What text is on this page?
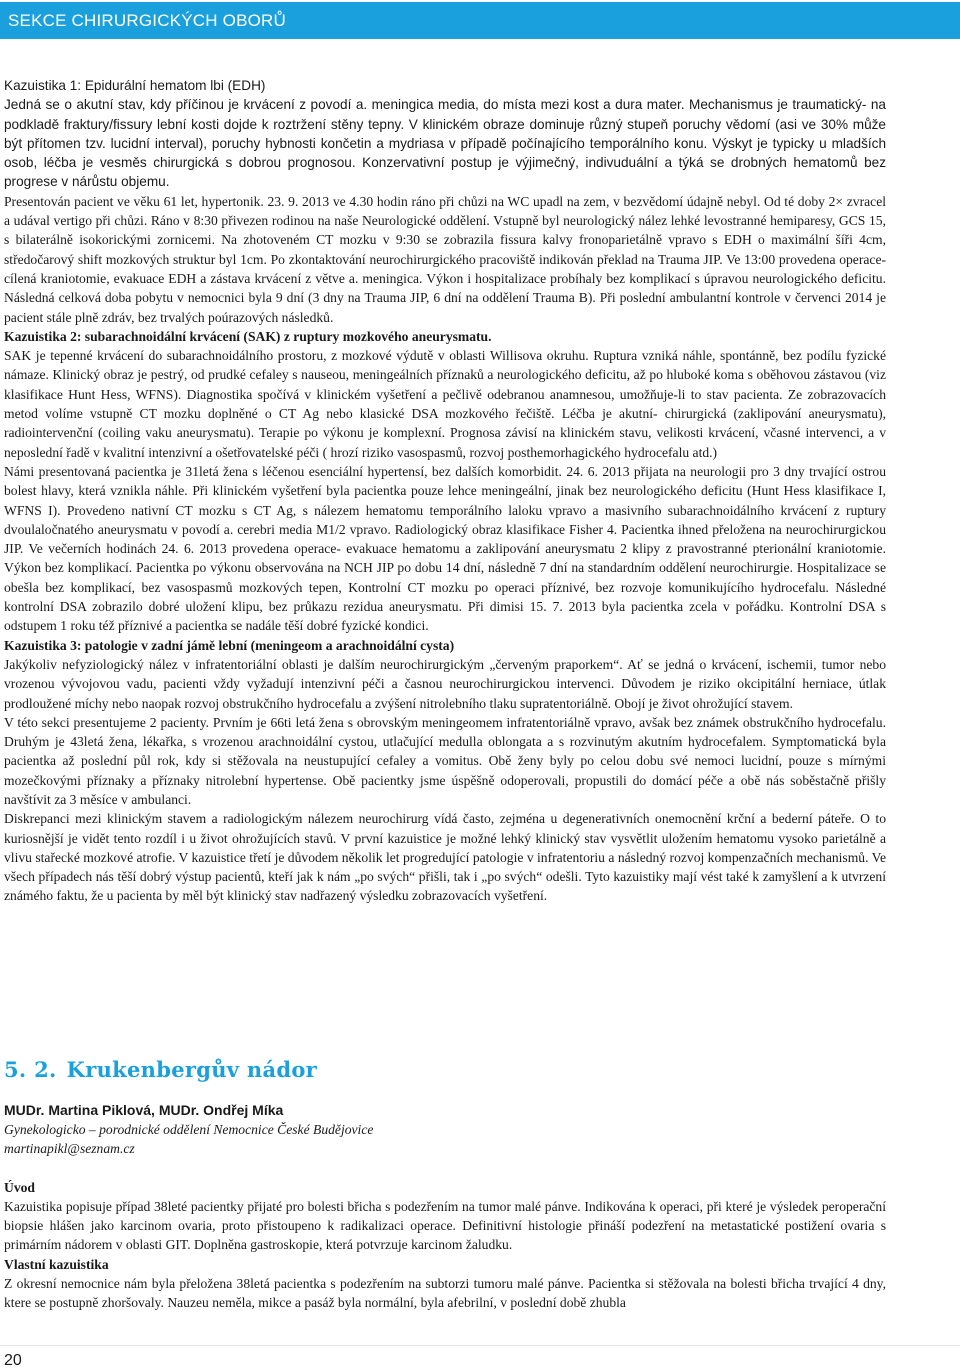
SEKCE CHIRURGICKÝCH OBORŮ

Kazuistika 1: Epidurální hematom lbi (EDH)

Jedná se o akutní stav, kdy příčinou je krvácení z povodí a. meningica media, do místa mezi kost a dura mater. Mechanismus je traumatický- na podkladě fraktury/fissury lební kosti dojde k roztržení stěny tepny. V klinickém obraze dominuje různý stupeň poruchy vědomí (asi ve 30% může být přítomen tzv. lucidní interval), poruchy hybnosti končetin a mydriasa v případě počínajícího temporálního konu. Výskyt je typicky u mladších osob, léčba je vesměs chirurgická s dobrou prognosou. Konzervativní postup je výjimečný, indivuduální a týká se drobných hematomů bez progrese v nárůstu objemu.

Presentován pacient ve věku 61 let, hypertonik. 23. 9. 2013 ve 4.30 hodin ráno při chůzi na WC upadl na zem, v bezvědomí údajně nebyl. Od té doby 2× zvracel a udával vertigo při chůzi. Ráno v 8:30 přivezen rodinou na naše Neurologické oddělení. Vstupně byl neurologický nález lehké levostranné hemiparesy, GCS 15, s bilaterálně isokorickými zornicemi. Na zhotoveném CT mozku v 9:30 se zobrazila fissura kalvy fronoparietálně vpravo s EDH o maximální šíři 4cm, středočarový shift mozkových struktur byl 1cm. Po zkontaktování neurochirurgického pracoviště indikován překlad na Trauma JIP. Ve 13:00 provedena operace- cílená kraniotomie, evakuace EDH a zástava krvácení z větve a. meningica. Výkon i hospitalizace probíhaly bez komplikací s úpravou neurologického deficitu. Následná celková doba pobytu v nemocnici byla 9 dní (3 dny na Trauma JIP, 6 dní na oddělení Trauma B). Při poslední ambulantní kontrole v červenci 2014 je pacient stále plně zdráv, bez trvalých poúrazových následků.

Kazuistika 2: subarachnoidální krvácení (SAK) z ruptury mozkového aneurysmatu.

SAK je tepenné krvácení do subarachnoidálního prostoru, z mozkové výdutě v oblasti Willisova okruhu. Ruptura vzniká náhle, spontánně, bez podílu fyzické námaze. Klinický obraz je pestrý, od prudké cefaley s nauseou, meningeálních příznaků a neurologického deficitu, až po hluboké koma s oběhovou zástavou (viz klasifikace Hunt Hess, WFNS). Diagnostika spočívá v klinickém vyšetření a pečlivě odebranou anamnesou, umožňuje-li to stav pacienta. Ze zobrazovacích metod volíme vstupně CT mozku doplněné o CT Ag nebo klasické DSA mozkového řečiště. Léčba je akutní- chirurgická (zaklipování aneurysmatu), radiointervenční (coiling vaku aneurysmatu). Terapie po výkonu je komplexní. Prognosa závisí na klinickém stavu, velikosti krvácení, včasné intervenci, a v neposlední řadě v kvalitní intenzivní a ošetřovatelské péči ( hrozí riziko vasospasmů, rozvoj posthemorhagického hydrocefalu atd.)

Námi presentovaná pacientka je 31letá žena s léčenou esenciální hypertensí, bez dalších komorbidit. 24. 6. 2013 přijata na neurologii pro 3 dny trvající ostrou bolest hlavy, která vznikla náhle. Při klinickém vyšetření byla pacientka pouze lehce meningeální, jinak bez neurologického deficitu (Hunt Hess klasifikace I, WFNS I). Provedeno nativní CT mozku s CT Ag, s nálezem hematomu temporálního laloku vpravo a masivního subarachnoidálního krvácení z ruptury dvoulaločnatého aneurysmatu v povodí a. cerebri media M1/2 vpravo. Radiologický obraz klasifikace Fisher 4. Pacientka ihned přeložena na neurochirurgickou JIP. Ve večerních hodinách 24. 6. 2013 provedena operace- evakuace hematomu a zaklipování aneurysmatu 2 klipy z pravostranné pterionální kraniotomie. Výkon bez komplikací. Pacientka po výkonu observována na NCH JIP po dobu 14 dní, následně 7 dní na standardním oddělení neurochirurgie. Hospitalizace se obešla bez komplikací, bez vasospasmů mozkových tepen, Kontrolní CT mozku po operaci příznivé, bez rozvoje komunikujícího hydrocefalu. Následné kontrolní DSA zobrazilo dobré uložení klipu, bez průkazu rezidua aneurysmatu. Při dimisi 15. 7. 2013 byla pacientka zcela v pořádku. Kontrolní DSA s odstupem 1 roku též příznivé a pacientka se nadále těší dobré fyzické kondici.

Kazuistika 3: patologie v zadní jámě lební (meningeom a arachnoidální cysta)

Jakýkoliv nefyziologický nález v infratentoriální oblasti je dalším neurochirurgickým „červeným praporkem“. Ať se jedná o krvácení, ischemii, tumor nebo vrozenou vývojovou vadu, pacienti vždy vyžadují intenzivní péči a časnou neurochirurgickou intervenci. Důvodem je riziko okcipitální herniace, útlak prodloužené míchy nebo naopak rozvoj obstrukčního hydrocefalu a zvýšení nitrolebního tlaku supratentoriálně. Obojí je život ohrožující stavem.

V této sekci presentujeme 2 pacienty. Prvním je 66ti letá žena s obrovským meningeomem infratentoriálně vpravo, avšak bez známek obstrukčního hydrocefalu. Druhým je 43letá žena, lékařka, s vrozenou arachnoidální cystou, utlačující medulla oblongata a s rozvinutým akutním hydrocefalem. Symptomatická byla pacientka až poslední půl rok, kdy si stěžovala na neustupující cefaley a vomitus. Obě ženy byly po celou dobu své nemoci lucidní, pouze s mírnými mozečkovými příznaky a příznaky nitrolební hypertense. Obě pacientky jsme úspěšně odoperovali, propustili do domácí péče a obě nás soběstačně přišly navštívit za 3 měsíce v ambulanci.

Diskrepanci mezi klinickým stavem a radiologickým nálezem neurochirurg vídá často, zejména u degenerativních onemocnění krční a bederní páteře. O to kuriosnější je vidět tento rozdíl i u život ohrožujících stavů. V první kazuistice je možné lehký klinický stav vysvětlit uložením hematomu vysoko parietálně a vlivu stařecké mozkové atrofie. V kazuistice třetí je důvodem několik let progredující patologie v infratentoriu a následný rozvoj kompenzačních mechanismů. Ve všech případech nás těší dobrý výstup pacientů, kteří jak k nám „po svých“ přišli, tak i „po svých“ odešli. Tyto kazuistiky mají vést také k zamyšlení a k utvrzení známého faktu, že u pacienta by měl být klinický stav nadřazený výsledku zobrazovacích vyšetření.

5. 2. Krukenbergův nádor

MUDr. Martina Piklová, MUDr. Ondřej Míka

Gynekologicko – porodnické oddělení Nemocnice České Budějovice

martinapikl@seznam.cz

Úvod

Kazuistika popisuje případ 38leté pacientky přijaté pro bolesti břicha s podezřením na tumor malé pánve. Indikována k operaci, při které je výsledek peroperační biopsie hlášen jako karcinom ovaria, proto přistoupeno k radikalizaci operace. Definitivní histologie přináší podezření na metastatické postižení ovaria s primárním nádorem v oblasti GIT. Doplněna gastroskopie, která potvrzuje karcinom žaludku.

Vlastní kazuistika

Z okresní nemocnice nám byla přeložena 38letá pacientka s podezřením na subtorzi tumoru malé pánve. Pacientka si stěžovala na bolesti břicha trvající 4 dny, ktere se postupně zhoršovaly. Nauzeu neměla, mikce a pasáž byla normální, byla afebrilní, v poslední době zhubla

20
